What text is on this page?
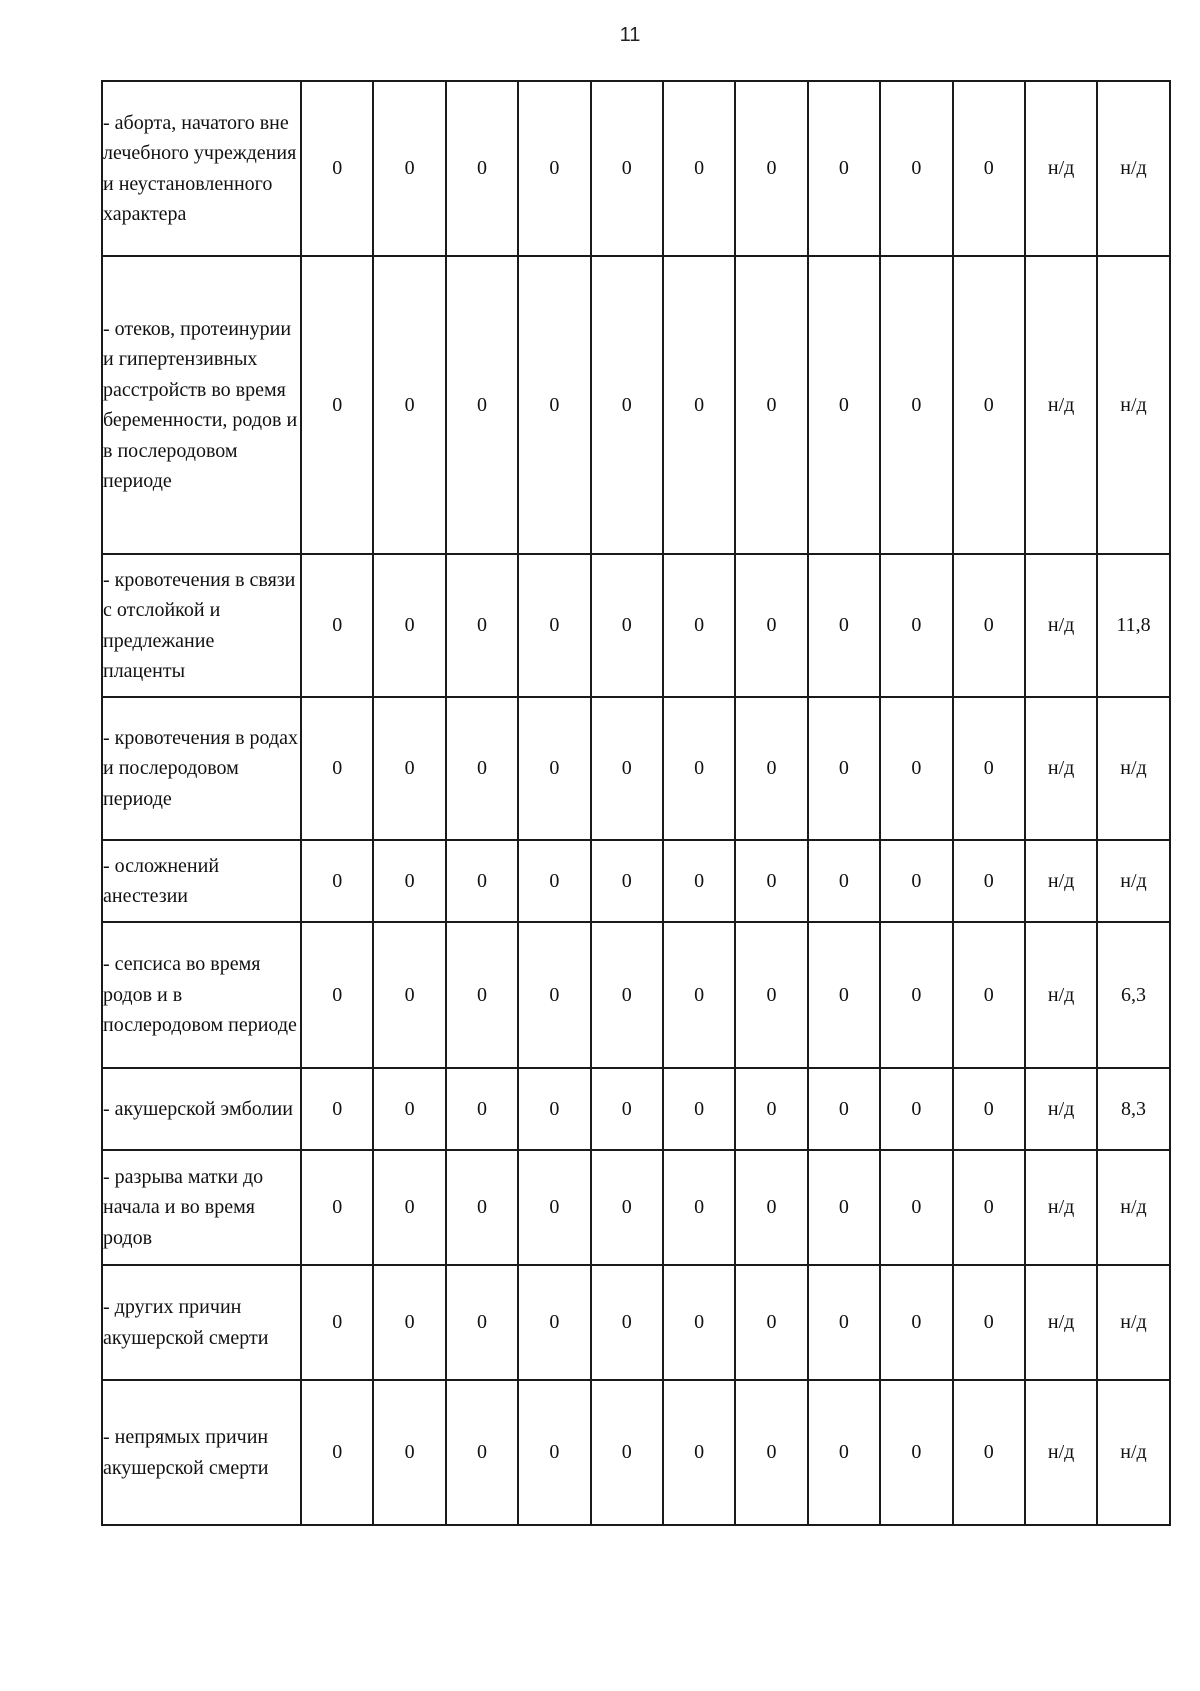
11
- аборта, начатого вне лечебного учреждения и неустановленного характера	0	0	0	0	0	0	0	0	0	0	н/д	н/д
- отеков, протеинурии и гипертензивных расстройств во время беременности, родов и в послеродовом периоде	0	0	0	0	0	0	0	0	0	0	н/д	н/д
- кровотечения в связи с отслойкой и предлежание плаценты	0	0	0	0	0	0	0	0	0	0	н/д	11,8
- кровотечения в родах и послеродовом периоде	0	0	0	0	0	0	0	0	0	0	н/д	н/д
- осложнений анестезии	0	0	0	0	0	0	0	0	0	0	н/д	н/д
- сепсиса во время родов и в послеродовом периоде	0	0	0	0	0	0	0	0	0	0	н/д	6,3
- акушерской эмболии	0	0	0	0	0	0	0	0	0	0	н/д	8,3
- разрыва матки до начала и во время родов	0	0	0	0	0	0	0	0	0	0	н/д	н/д
- других причин акушерской смерти	0	0	0	0	0	0	0	0	0	0	н/д	н/д
- непрямых причин акушерской смерти	0	0	0	0	0	0	0	0	0	0	н/д	н/д
